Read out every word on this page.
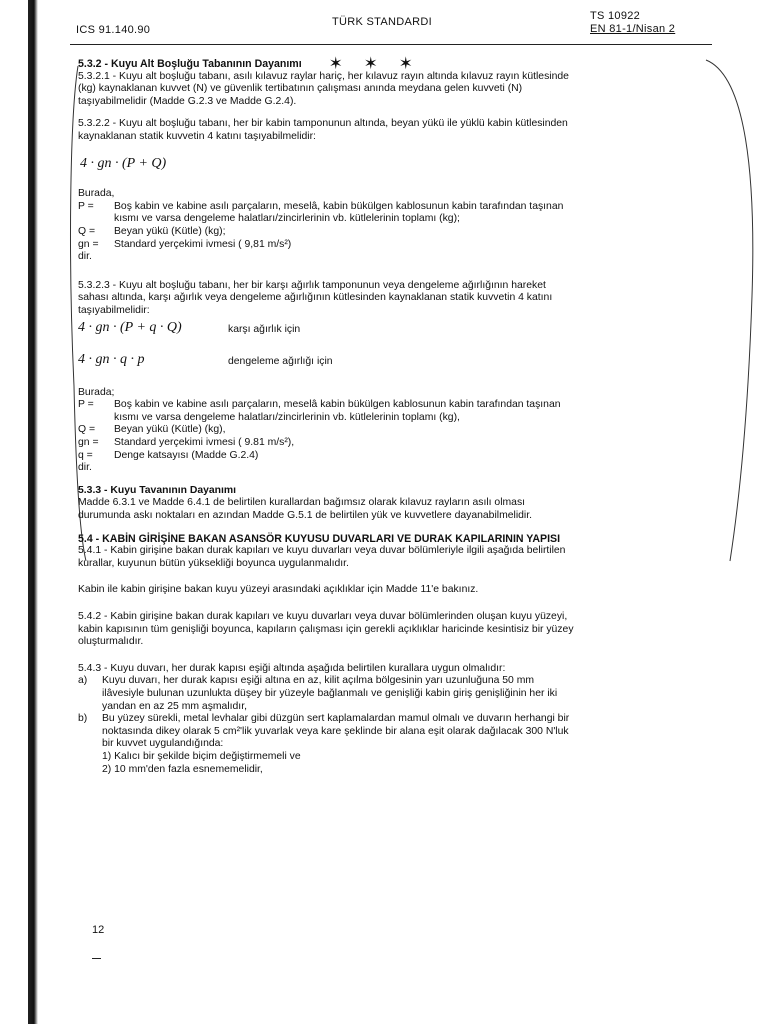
ICS 91.140.90
TÜRK STANDARDI	TS 10922
EN 81-1/Nisan 2

5.3.2 - Kuyu Alt Boşluğu Tabanının Dayanımı ✶ ✶ ✶

5.3.2.1 - Kuyu alt boşluğu tabanı, asılı kılavuz raylar hariç, her kılavuz rayın altında kılavuz rayın kütlesinde

(kg) kaynaklanan kuvvet (N) ve güvenlik tertibatının çalışması anında meydana gelen kuvveti (N)

taşıyabilmelidir (Madde G.2.3 ve Madde G.2.4).

5.3.2.2 - Kuyu alt boşluğu tabanı, her bir kabin tamponunun altında, beyan yükü ile yüklü kabin kütlesinden

kaynaklanan statik kuvvetin 4 katını taşıyabilmelidir:

4 · gn · (P + Q)

Burada,

P =	Boş kabin ve kabine asılı parçaların, meselâ, kabin bükülgen kablosunun kabin tarafından taşınan
kısmı ve varsa dengeleme halatları/zincirlerinin vb. kütlelerinin toplamı (kg);
Q =	Beyan yükü (Kütle) (kg);
gn =	Standard yerçekimi ivmesi ( 9,81 m/s²)
dir.

5.3.2.3 - Kuyu alt boşluğu tabanı, her bir karşı ağırlık tamponunun veya dengeleme ağırlığının hareket

sahası altında, karşı ağırlık veya dengeleme ağırlığının kütlesinden kaynaklanan statik kuvvetin 4 katını

taşıyabilmelidir:

4 · gn · (P + q · Q)	karşı ağırlık için
4 · gn · q · p	dengeleme ağırlığı için

Burada;

P =	Boş kabin ve kabine asılı parçaların, meselâ kabin bükülgen kablosunun kabin tarafından taşınan
kısmı ve varsa dengeleme halatları/zincirlerinin vb. kütlelerinin toplamı (kg),
Q =	Beyan yükü (Kütle) (kg),
gn =	Standard yerçekimi ivmesi ( 9.81 m/s²),
q =	Denge katsayısı (Madde G.2.4)
dir.

5.3.3 - Kuyu Tavanının Dayanımı

Madde 6.3.1 ve Madde 6.4.1 de belirtilen kurallardan bağımsız olarak kılavuz rayların asılı olması

durumunda askı noktaları en azından Madde G.5.1 de belirtilen yük ve kuvvetlere dayanabilmelidir.

5.4 - KABİN GİRİŞİNE BAKAN ASANSÖR KUYUSU DUVARLARI VE DURAK KAPILARININ YAPISI

5.4.1 - Kabin girişine bakan durak kapıları ve kuyu duvarları veya duvar bölümleriyle ilgili aşağıda belirtilen

kurallar, kuyunun bütün yüksekliği boyunca uygulanmalıdır.

Kabin ile kabin girişine bakan kuyu yüzeyi arasındaki açıklıklar için Madde 11'e bakınız.

5.4.2 - Kabin girişine bakan durak kapıları ve kuyu duvarları veya duvar bölümlerinden oluşan kuyu yüzeyi,

kabin kapısının tüm genişliği boyunca, kapıların çalışması için gerekli açıklıklar haricinde kesintisiz bir yüzey

oluşturmalıdır.

5.4.3 - Kuyu duvarı, her durak kapısı eşiği altında aşağıda belirtilen kurallara uygun olmalıdır:

a)	Kuyu duvarı, her durak kapısı eşiği altına en az, kilit açılma bölgesinin yarı uzunluğuna 50 mm
ilâvesiyle bulunan uzunlukta düşey bir yüzeyle bağlanmalı ve genişliği kabin giriş genişliğinin her iki
yandan en az 25 mm aşmalıdır,
b)	Bu yüzey sürekli, metal levhalar gibi düzgün sert kaplamalardan mamul olmalı ve duvarın herhangi bir
noktasında dikey olarak 5 cm²'lik yuvarlak veya kare şeklinde bir alana eşit olarak dağılacak 300 N'luk
bir kuvvet uygulandığında:
1) Kalıcı bir şekilde biçim değiştirmemeli ve
2) 10 mm'den fazla esnememelidir,
12
